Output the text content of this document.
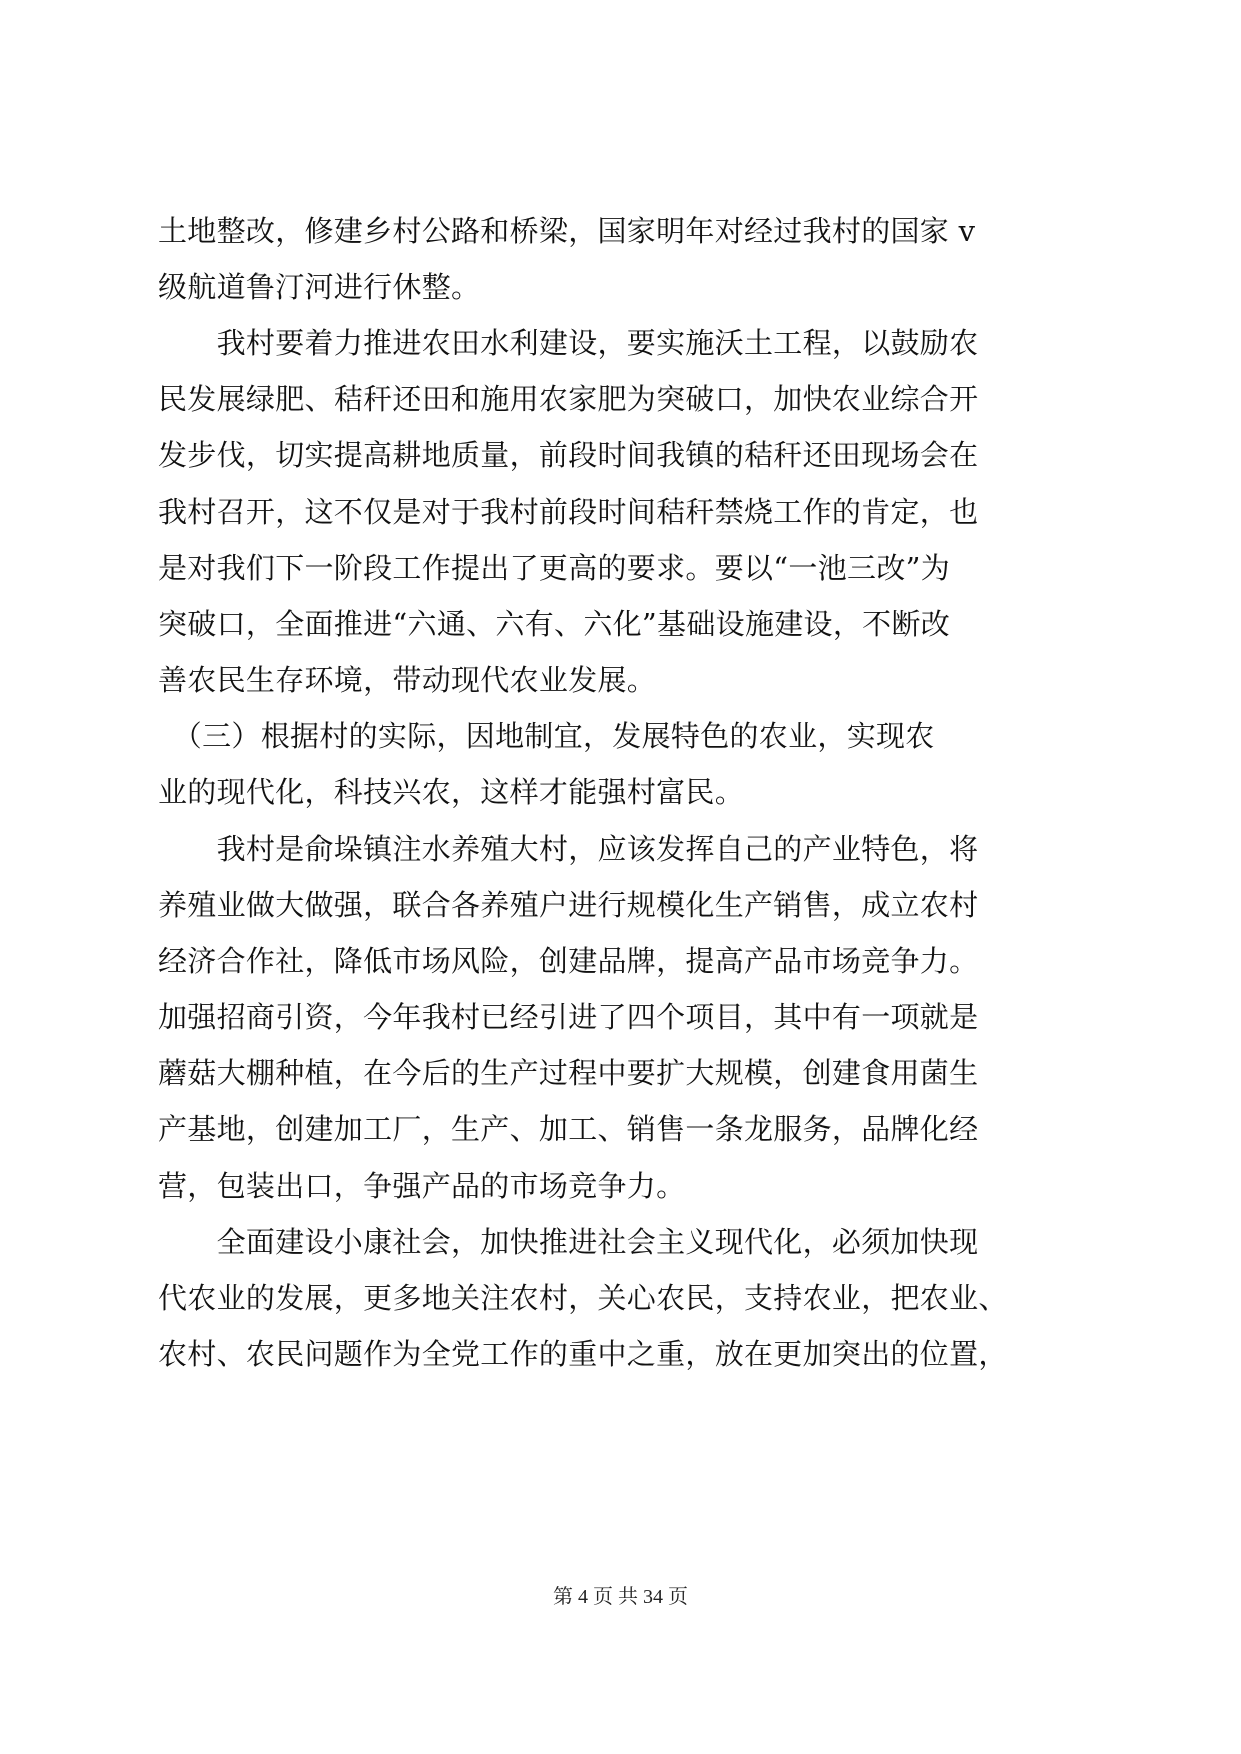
土地整改，修建乡村公路和桥梁，国家明年对经过我村的国家 v
级航道鲁汀河进行休整。
　　我村要着力推进农田水利建设，要实施沃土工程，以鼓励农
民发展绿肥、秸秆还田和施用农家肥为突破口，加快农业综合开
发步伐，切实提高耕地质量，前段时间我镇的秸秆还田现场会在
我村召开，这不仅是对于我村前段时间秸秆禁烧工作的肯定，也
是对我们下一阶段工作提出了更高的要求。要以“一池三改”为
突破口，全面推进“六通、六有、六化”基础设施建设，不断改
善农民生存环境，带动现代农业发展。
　（三）根据村的实际，因地制宜，发展特色的农业，实现农
业的现代化，科技兴农，这样才能强村富民。
　　我村是俞垛镇注水养殖大村，应该发挥自己的产业特色，将
养殖业做大做强，联合各养殖户进行规模化生产销售，成立农村
经济合作社，降低市场风险，创建品牌，提高产品市场竞争力。
加强招商引资，今年我村已经引进了四个项目，其中有一项就是
蘑菇大棚种植，在今后的生产过程中要扩大规模，创建食用菌生
产基地，创建加工厂，生产、加工、销售一条龙服务，品牌化经
营，包装出口，争强产品的市场竞争力。
　　全面建设小康社会，加快推进社会主义现代化，必须加快现
代农业的发展，更多地关注农村，关心农民，支持农业，把农业、
农村、农民问题作为全党工作的重中之重，放在更加突出的位置，
第 4 页 共 34 页
